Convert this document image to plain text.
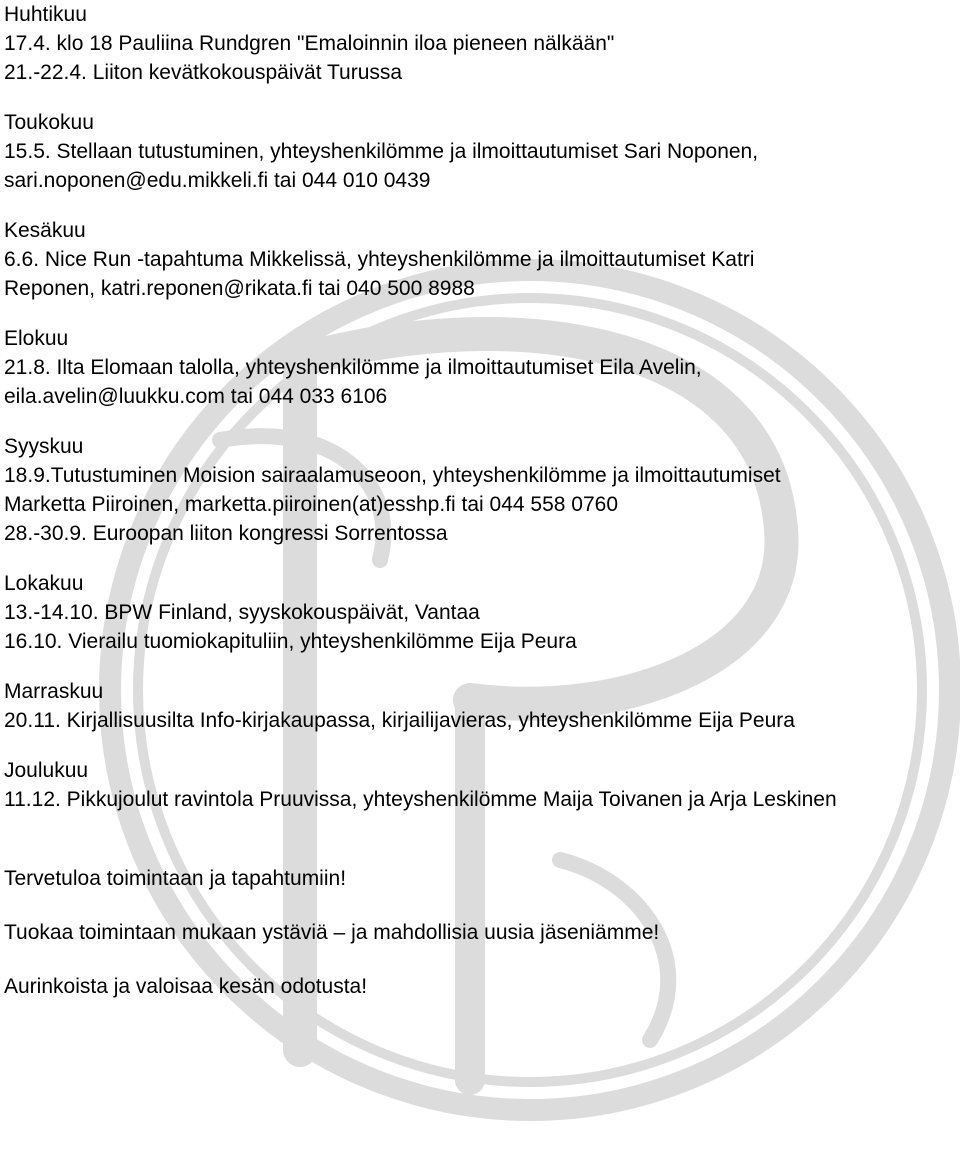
Huhtikuu
17.4. klo 18 Pauliina Rundgren "Emaloinnin iloa pieneen nälkään"
21.-22.4. Liiton kevätkokouspäivät Turussa
Toukokuu
15.5. Stellaan tutustuminen, yhteyshenkilömme ja ilmoittautumiset Sari Noponen,
sari.noponen@edu.mikkeli.fi tai 044 010 0439
Kesäkuu
6.6. Nice Run -tapahtuma Mikkelissä, yhteyshenkilömme ja ilmoittautumiset Katri
Reponen, katri.reponen@rikata.fi tai 040 500 8988
Elokuu
21.8. Ilta Elomaan talolla, yhteyshenkilömme ja ilmoittautumiset Eila Avelin,
eila.avelin@luukku.com tai 044 033 6106
Syyskuu
18.9.Tutustuminen Moision sairaalamuseoon, yhteyshenkilömme ja ilmoittautumiset
Marketta Piiroinen, marketta.piiroinen(at)esshp.fi tai 044 558 0760
28.-30.9. Euroopan liiton kongressi Sorrentossa
Lokakuu
13.-14.10. BPW Finland, syyskokouspäivät, Vantaa
16.10. Vierailu tuomiokapituliin, yhteyshenkilömme Eija Peura
Marraskuu
20.11. Kirjallisuusilta Info-kirjakaupassa, kirjailijavieras, yhteyshenkilömme Eija Peura
Joulukuu
11.12. Pikkujoulut ravintola Pruuvissa, yhteyshenkilömme Maija Toivanen ja Arja Leskinen
Tervetuloa toimintaan ja tapahtumiin!
Tuokaa toimintaan mukaan ystäviä – ja mahdollisia uusia jäseniämme!
Aurinkoista ja valoisaa kesän odotusta!
